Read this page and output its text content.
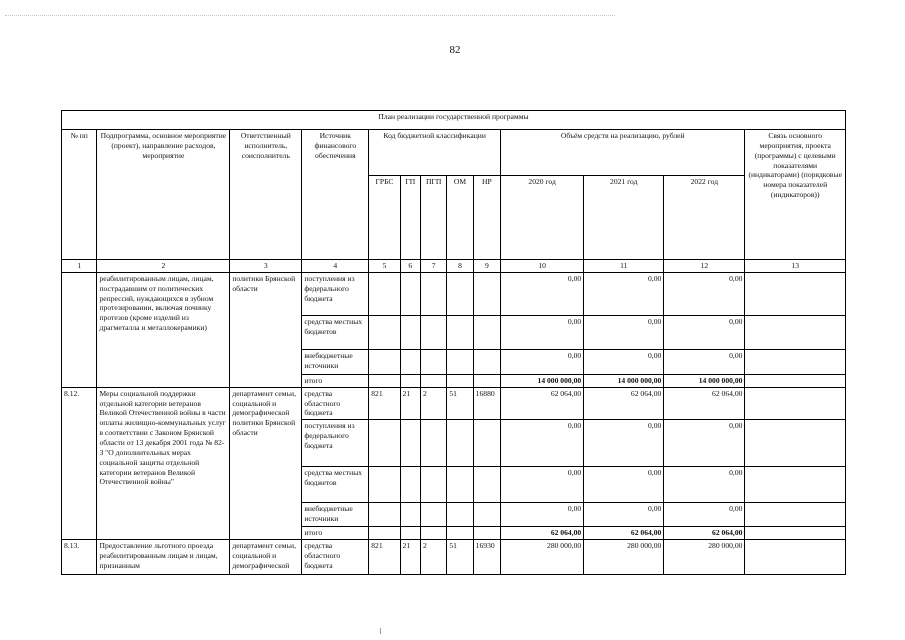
82
План реализации государственной программы												
№ пп	Подпрограмма, основное мероприятие (проект), направление расходов, мероприятие	Ответственный исполнитель, соисполнитель	Источник финансового обеспечения	Код бюджетной классификации					Объём средств на реализацию, рублей			Связь основного мероприятия, проекта (программы) с целевыми показателями (индикаторами) (порядковые номера показателей (индикаторов))
				ГРБС	ГП	ПГП	ОМ	НР	2020 год	2021 год	2022 год	
1	2	3	4	5	6	7	8	9	10	11	12	13
	реабилитированным лицам, лицам, пострадавшим от политических репрессий, нуждающихся в зубном протезировании, включая починку протезов (кроме изделий из драгметалла и металлокерамики)	политики Брянской области	поступления из федерального бюджета						0,00	0,00	0,00	
			средства местных бюджетов						0,00	0,00	0,00	
			внебюджетные источники						0,00	0,00	0,00	
			итого						14 000 000,00	14 000 000,00	14 000 000,00	
8.12.	Меры социальной поддержки отдельной категории ветеранов Великой Отечественной войны в части оплаты жилищно-коммунальных услуг в соответствии с Законом Брянской области от 13 декабря 2001 года № 82-З "О дополнительных мерах социальной защиты отдельной категории ветеранов Великой Отечественной войны"	департамент семьи, социальной и демографической политики Брянской области	средства областного бюджета	821	21	2	51	16880	62 064,00	62 064,00	62 064,00	
			поступления из федерального бюджета						0,00	0,00	0,00	
			средства местных бюджетов						0,00	0,00	0,00	
			внебюджетные источники						0,00	0,00	0,00	
			итого						62 064,00	62 064,00	62 064,00	
8.13.	Предоставление льготного проезда реабилитированным лицам и лицам, признанным	департамент семьи, социальной и демографической	средства областного бюджета	821	21	2	51	16930	280 000,00	280 000,00	280 000,00	
